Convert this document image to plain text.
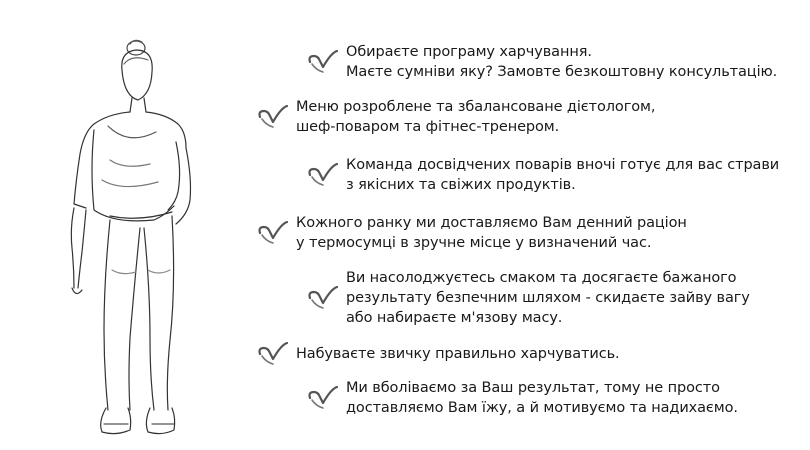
Обираєте програму харчування.
Маєте сумніви яку? Замовте безкоштовну консультацію.
Меню розроблене та збалансоване дієтологом,
шеф-поваром та фітнес-тренером.
Команда досвідчених поварів вночі готує для вас страви
з якісних та свіжих продуктів.
Кожного ранку ми доставляємо Вам денний раціон
у термосумці в зручне місце у визначений час.
Ви насолоджуєтесь смаком та досягаєте бажаного
результату безпечним шляхом - скидаєте зайву вагу
або набираєте м'язову масу.
Набуваєте звичку правильно харчуватись.
Ми вболіваємо за Ваш результат, тому не просто
доставляємо Вам їжу, а й мотивуємо та надихаємо.
